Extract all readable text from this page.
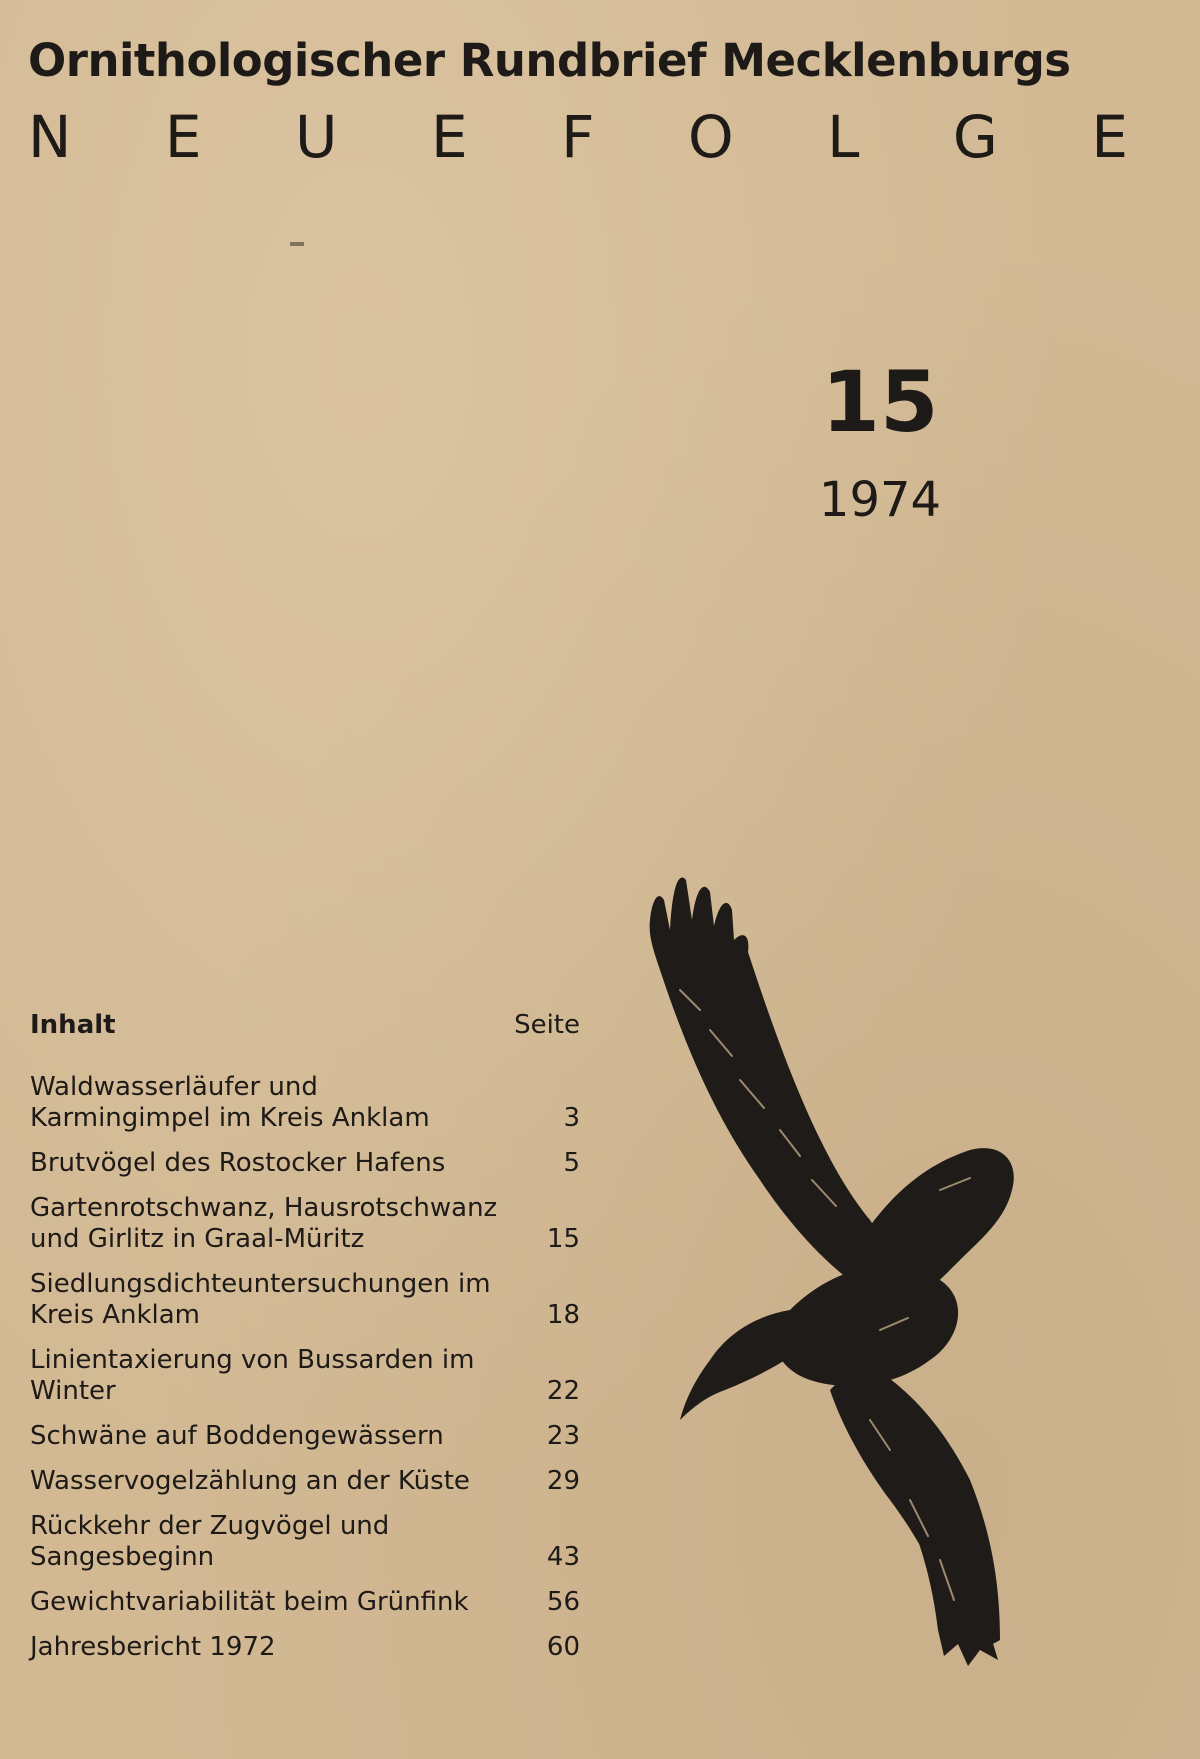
Ornithologischer Rundbrief Mecklenburgs
N E U E F O L G E
15
1974
Inhalt	Seite
Waldwasserläufer und Karmingimpel im Kreis Anklam	3
Brutvögel des Rostocker Hafens	5
Gartenrotschwanz, Hausrotschwanz und Girlitz in Graal-Müritz	15
Siedlungsdichteuntersuchungen im Kreis Anklam	18
Linientaxierung von Bussarden im Winter	22
Schwäne auf Boddengewässern	23
Wasservogelzählung an der Küste	29
Rückkehr der Zugvögel und Sangesbeginn	43
Gewichtvariabilität beim Grünfink	56
Jahresbericht 1972	60
